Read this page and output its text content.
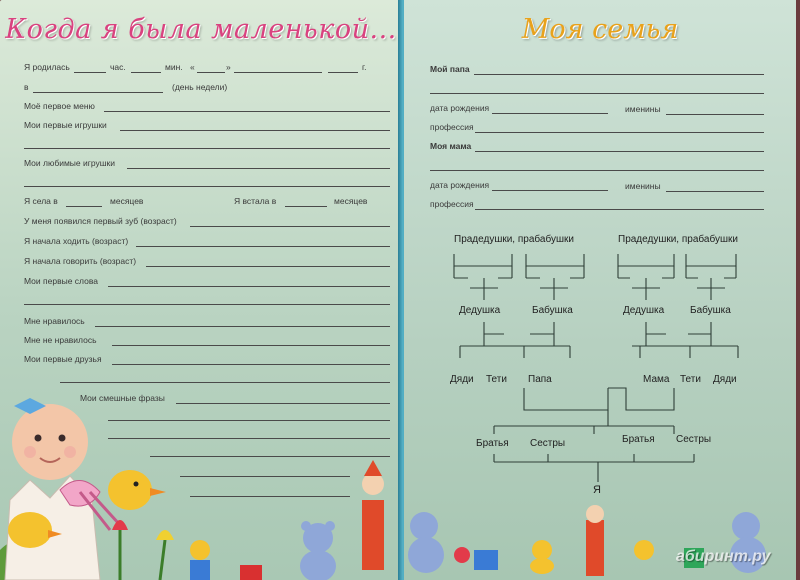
Когда я была маленькой...	Моя семья
Я родилась	час.	мин. «	»	г.
в	(день недели)
Моё первое меню
Мои первые игрушки
Мои любимые игрушки
Я села в	месяцев	Я встала в	месяцев
У меня появился первый зуб (возраст)
Я начала ходить (возраст)
Я начала говорить (возраст)
Мои первые слова
Мне нравилось
Мне не нравилось
Мои первые друзья
Мои смешные фразы
Мой папа
дата рождения	именины
профессия
Моя мама
дата рождения	именины
профессия
Прадедушки, прабабушки	Прадедушки, прабабушки
Дедушка	Бабушка	Дедушка	Бабушка
Дяди Тети Папа	Мама Тети Дяди
Братья Сестры	Братья Сестры
Я
абиринт.ру
